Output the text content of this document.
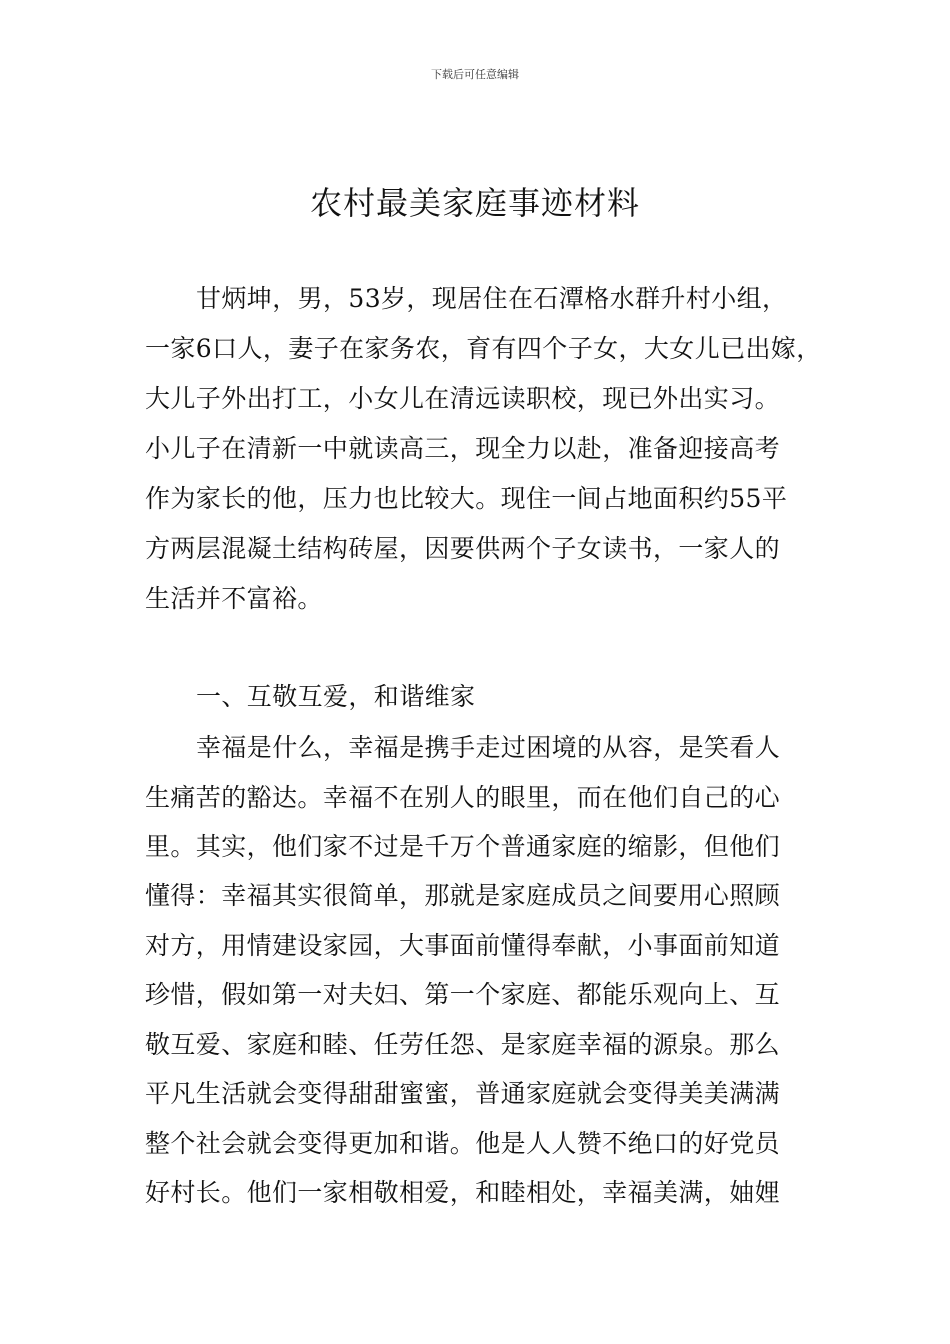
下载后可任意编辑
农村最美家庭事迹材料
甘炳坤，男，53岁，现居住在石潭格水群升村小组，
一家6口人，妻子在家务农，育有四个子女，大女儿已出嫁，
大儿子外出打工，小女儿在清远读职校，现已外出实习。
小儿子在清新一中就读高三，现全力以赴，准备迎接高考
作为家长的他，压力也比较大。现住一间占地面积约55平
方两层混凝土结构砖屋，因要供两个子女读书，一家人的
生活并不富裕。
一、互敬互爱，和谐维家
幸福是什么，幸福是携手走过困境的从容，是笑看人
生痛苦的豁达。幸福不在别人的眼里，而在他们自己的心
里。其实，他们家不过是千万个普通家庭的缩影，但他们
懂得：幸福其实很简单，那就是家庭成员之间要用心照顾
对方，用情建设家园，大事面前懂得奉献，小事面前知道
珍惜，假如第一对夫妇、第一个家庭、都能乐观向上、互
敬互爱、家庭和睦、任劳任怨、是家庭幸福的源泉。那么
平凡生活就会变得甜甜蜜蜜，普通家庭就会变得美美满满
整个社会就会变得更加和谐。他是人人赞不绝口的好党员
好村长。他们一家相敬相爱，和睦相处，幸福美满，妯娌
